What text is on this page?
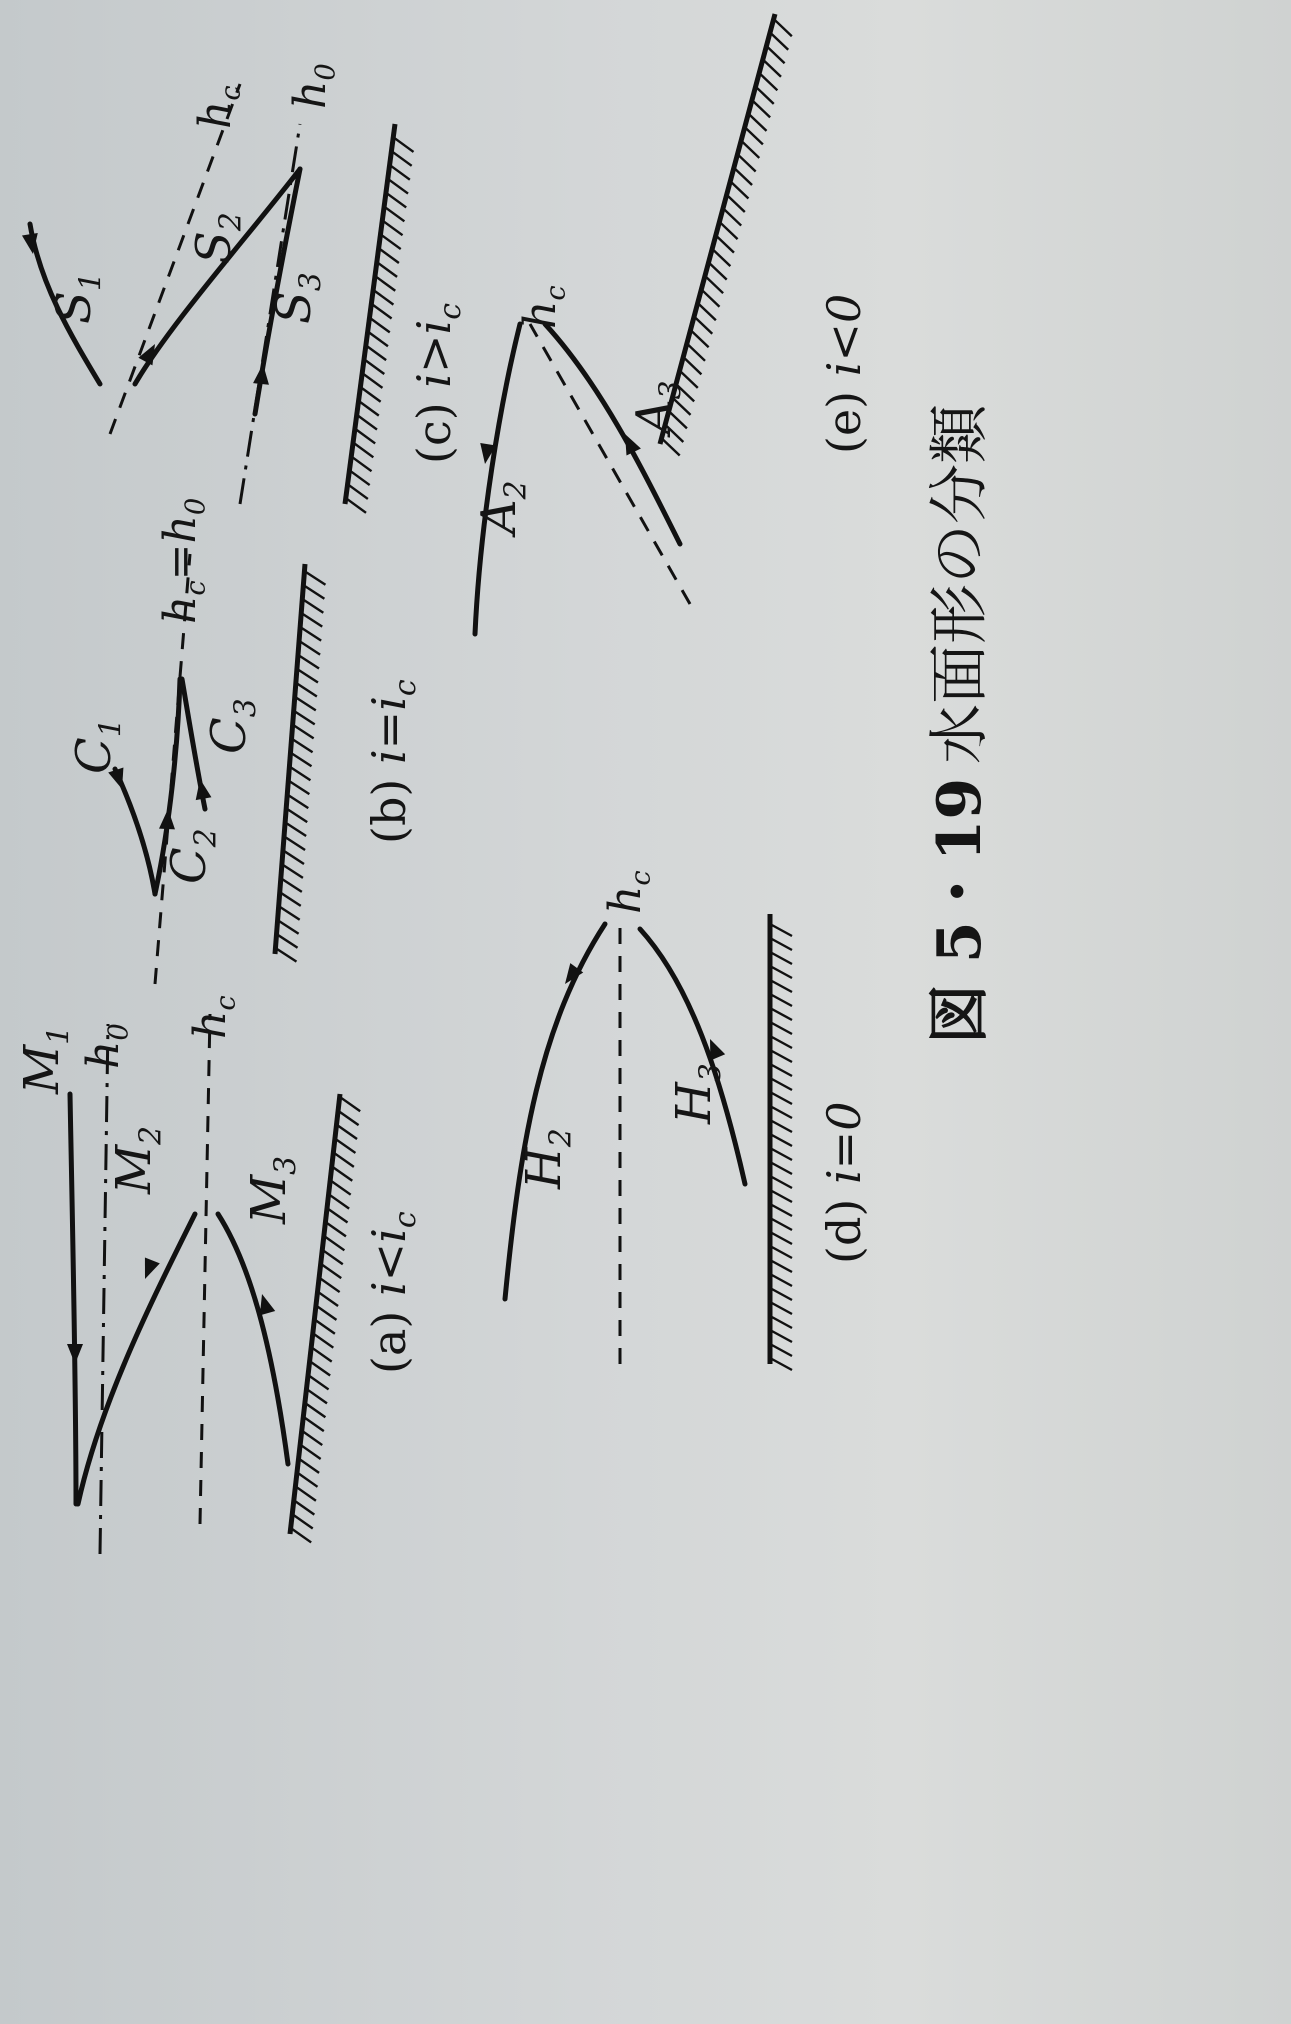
$M_1$
$M_2$
$M_3$
$h_0$ $h_c$
(a) $i<i_c$
$C_1$
$C_2$
$C_3$
$h_c=h_0$
(b) $i=i_c$
$S_1$
$S_2$
$S_3$
$h_c$ $h_0$
(c) $i>i_c$
$H_2$
$H_3$
$h_c$
(d) i=0
$A_2$
$A_3$
$h_c$
(e) i<0
図 5・19
水面形の分類
